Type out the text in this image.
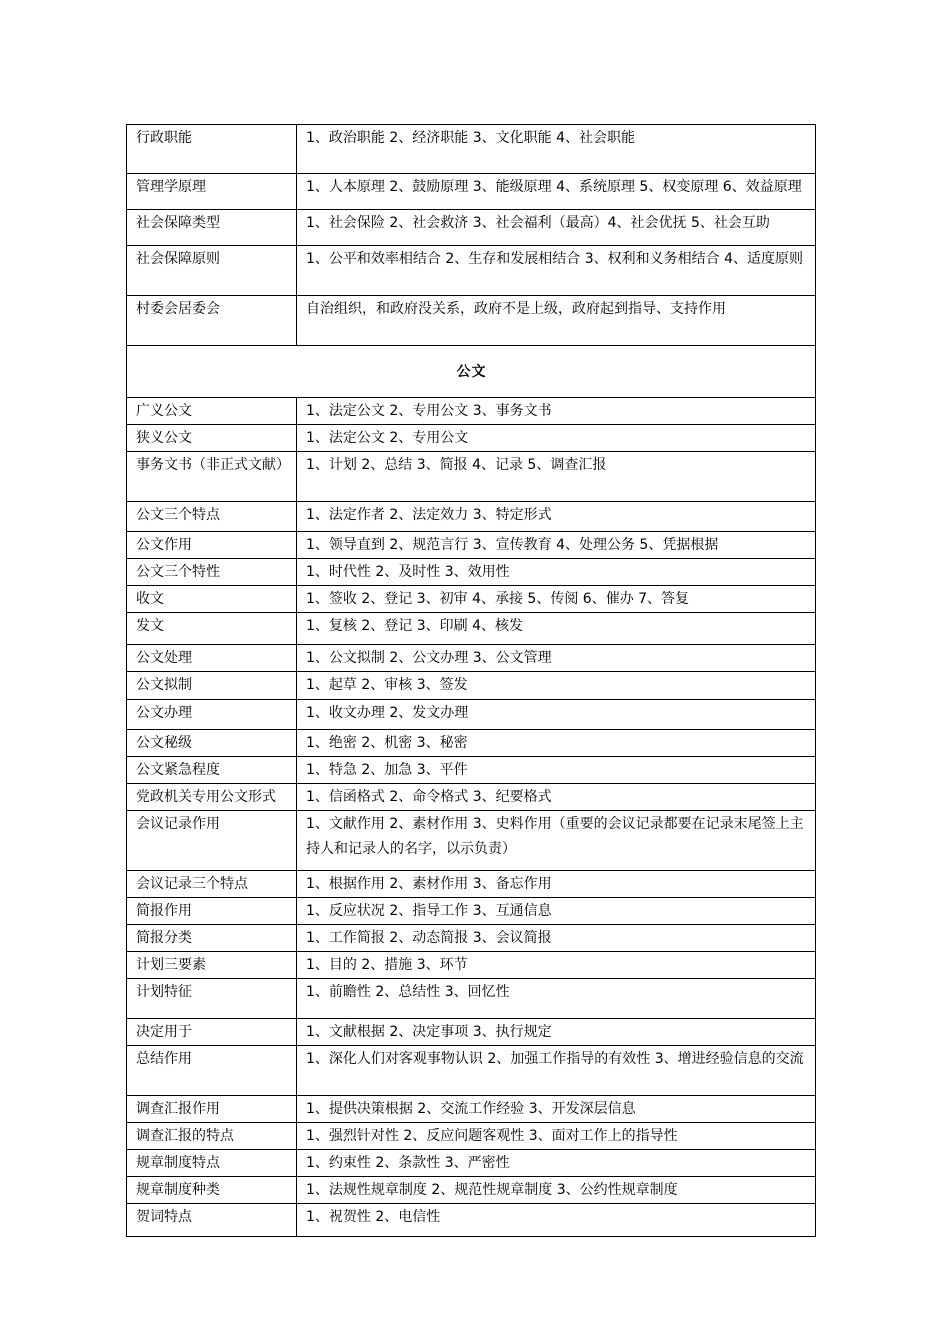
行政职能	1、政治职能 2、经济职能 3、文化职能 4、社会职能
管理学原理	1、人本原理 2、鼓励原理 3、能级原理 4、系统原理 5、权变原理 6、效益原理
社会保障类型	1、社会保险 2、社会救济 3、社会福利（最高）4、社会优抚 5、社会互助
社会保障原则	1、公平和效率相结合 2、生存和发展相结合 3、权利和义务相结合 4、适度原则
村委会居委会	自治组织，和政府没关系，政府不是上级，政府起到指导、支持作用
公文	
广义公文	1、法定公文 2、专用公文 3、事务文书
狭义公文	1、法定公文 2、专用公文
事务文书（非正式文献）	1、计划 2、总结 3、简报 4、记录 5、调查汇报
公文三个特点	1、法定作者 2、法定效力 3、特定形式
公文作用	1、领导直到 2、规范言行 3、宣传教育 4、处理公务 5、凭据根据
公文三个特性	1、时代性 2、及时性 3、效用性
收文	1、签收 2、登记 3、初审 4、承接 5、传阅 6、催办 7、答复
发文	1、复核 2、登记 3、印刷 4、核发
公文处理	1、公文拟制 2、公文办理 3、公文管理
公文拟制	1、起草 2、审核 3、签发
公文办理	1、收文办理 2、发文办理
公文秘级	1、绝密 2、机密 3、秘密
公文紧急程度	1、特急 2、加急 3、平件
党政机关专用公文形式	1、信函格式 2、命令格式 3、纪要格式
会议记录作用	1、文献作用 2、素材作用 3、史料作用（重要的会议记录都要在记录末尾签上主持人和记录人的名字，以示负责）
会议记录三个特点	1、根据作用 2、素材作用 3、备忘作用
简报作用	1、反应状况 2、指导工作 3、互通信息
简报分类	1、工作简报 2、动态简报 3、会议简报
计划三要素	1、目的 2、措施 3、环节
计划特征	1、前瞻性 2、总结性 3、回忆性
决定用于	1、文献根据 2、决定事项 3、执行规定
总结作用	1、深化人们对客观事物认识 2、加强工作指导的有效性 3、增进经验信息的交流
调查汇报作用	1、提供决策根据 2、交流工作经验 3、开发深层信息
调查汇报的特点	1、强烈针对性 2、反应问题客观性 3、面对工作上的指导性
规章制度特点	1、约束性 2、条款性 3、严密性
规章制度种类	1、法规性规章制度 2、规范性规章制度 3、公约性规章制度
贺词特点	1、祝贺性 2、电信性
